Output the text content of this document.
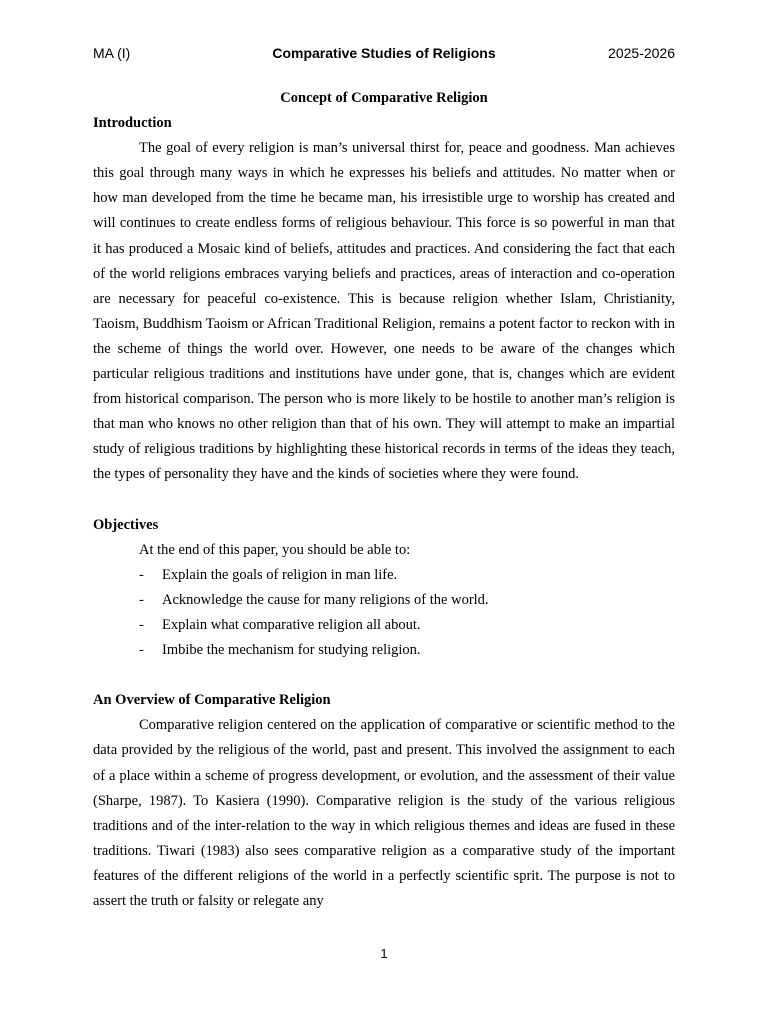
MA (I)	Comparative Studies of Religions	2025-2026

Concept of Comparative Religion

Introduction

The goal of every religion is man’s universal thirst for, peace and goodness. Man achieves this goal through many ways in which he expresses his beliefs and attitudes. No matter when or how man developed from the time he became man, his irresistible urge to worship has created and will continues to create endless forms of religious behaviour. This force is so powerful in man that it has produced a Mosaic kind of beliefs, attitudes and practices. And considering the fact that each of the world religions embraces varying beliefs and practices, areas of interaction and co-operation are necessary for peaceful co-existence. This is because religion whether Islam, Christianity, Taoism, Buddhism Taoism or African Traditional Religion, remains a potent factor to reckon with in the scheme of things the world over. However, one needs to be aware of the changes which particular religious traditions and institutions have under gone, that is, changes which are evident from historical comparison. The person who is more likely to be hostile to another man’s religion is that man who knows no other religion than that of his own. They will attempt to make an impartial study of religious traditions by highlighting these historical records in terms of the ideas they teach, the types of personality they have and the kinds of societies where they were found.

Objectives

At the end of this paper, you should be able to:

- Explain the goals of religion in man life.
- Acknowledge the cause for many religions of the world.
- Explain what comparative religion all about.
- Imbibe the mechanism for studying religion.

An Overview of Comparative Religion

Comparative religion centered on the application of comparative or scientific method to the data provided by the religious of the world, past and present. This involved the assignment to each of a place within a scheme of progress development, or evolution, and the assessment of their value (Sharpe, 1987). To Kasiera (1990). Comparative religion is the study of the various religious traditions and of the inter-relation to the way in which religious themes and ideas are fused in these traditions. Tiwari (1983) also sees comparative religion as a comparative study of the important features of the different religions of the world in a perfectly scientific sprit. The purpose is not to assert the truth or falsity or relegate any

1
